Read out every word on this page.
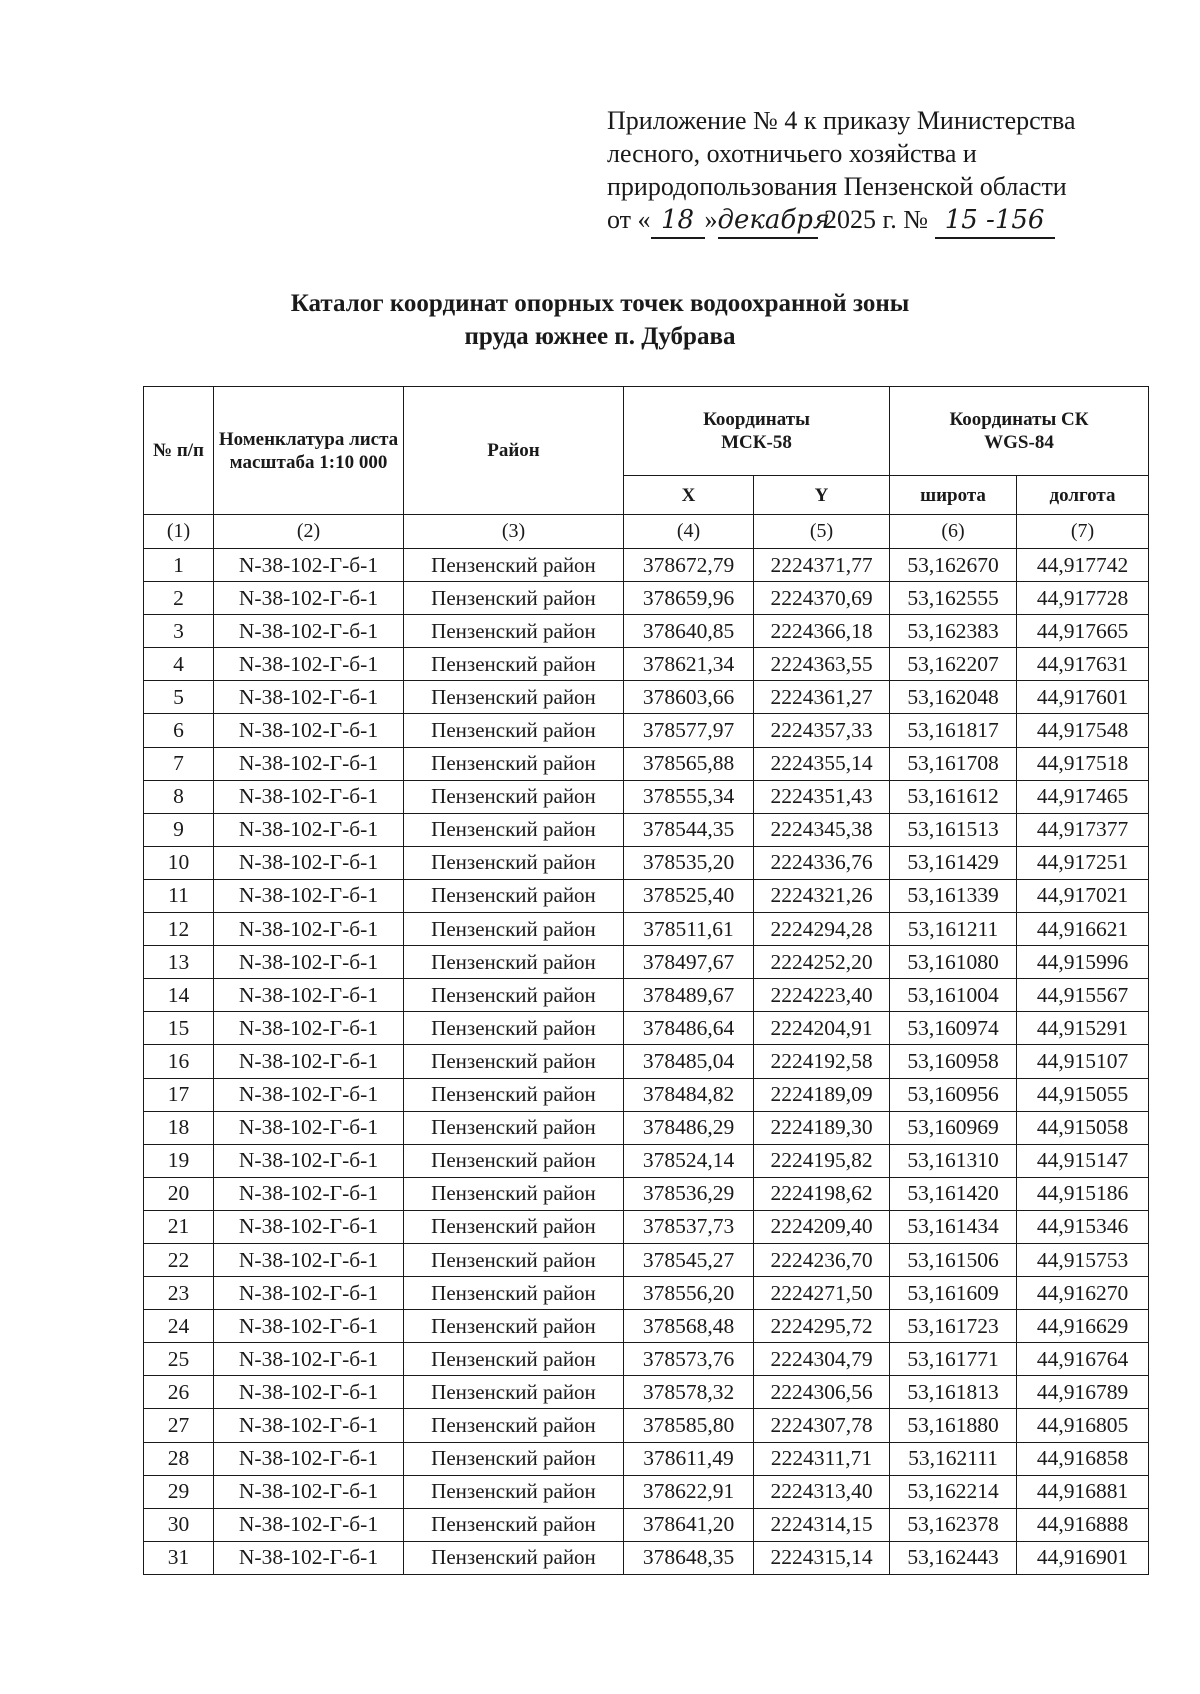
Приложение № 4 к приказу Министерства
лесного, охотничьего хозяйства и
природопользования Пензенской области
от « 18 »декабря 2025 г. № 15 -156
Каталог координат опорных точек водоохранной зоны
пруда южнее п. Дубрава
№ п/п	Номенклатура листа масштаба 1:10 000	Район	Координаты МСК-58		Координаты СК WGS-84	
			X	Y	широта	долгота
(1)	(2)	(3)	(4)	(5)	(6)	(7)
1	N-38-102-Г-б-1	Пензенский район	378672,79	2224371,77	53,162670	44,917742
2	N-38-102-Г-б-1	Пензенский район	378659,96	2224370,69	53,162555	44,917728
3	N-38-102-Г-б-1	Пензенский район	378640,85	2224366,18	53,162383	44,917665
4	N-38-102-Г-б-1	Пензенский район	378621,34	2224363,55	53,162207	44,917631
5	N-38-102-Г-б-1	Пензенский район	378603,66	2224361,27	53,162048	44,917601
6	N-38-102-Г-б-1	Пензенский район	378577,97	2224357,33	53,161817	44,917548
7	N-38-102-Г-б-1	Пензенский район	378565,88	2224355,14	53,161708	44,917518
8	N-38-102-Г-б-1	Пензенский район	378555,34	2224351,43	53,161612	44,917465
9	N-38-102-Г-б-1	Пензенский район	378544,35	2224345,38	53,161513	44,917377
10	N-38-102-Г-б-1	Пензенский район	378535,20	2224336,76	53,161429	44,917251
11	N-38-102-Г-б-1	Пензенский район	378525,40	2224321,26	53,161339	44,917021
12	N-38-102-Г-б-1	Пензенский район	378511,61	2224294,28	53,161211	44,916621
13	N-38-102-Г-б-1	Пензенский район	378497,67	2224252,20	53,161080	44,915996
14	N-38-102-Г-б-1	Пензенский район	378489,67	2224223,40	53,161004	44,915567
15	N-38-102-Г-б-1	Пензенский район	378486,64	2224204,91	53,160974	44,915291
16	N-38-102-Г-б-1	Пензенский район	378485,04	2224192,58	53,160958	44,915107
17	N-38-102-Г-б-1	Пензенский район	378484,82	2224189,09	53,160956	44,915055
18	N-38-102-Г-б-1	Пензенский район	378486,29	2224189,30	53,160969	44,915058
19	N-38-102-Г-б-1	Пензенский район	378524,14	2224195,82	53,161310	44,915147
20	N-38-102-Г-б-1	Пензенский район	378536,29	2224198,62	53,161420	44,915186
21	N-38-102-Г-б-1	Пензенский район	378537,73	2224209,40	53,161434	44,915346
22	N-38-102-Г-б-1	Пензенский район	378545,27	2224236,70	53,161506	44,915753
23	N-38-102-Г-б-1	Пензенский район	378556,20	2224271,50	53,161609	44,916270
24	N-38-102-Г-б-1	Пензенский район	378568,48	2224295,72	53,161723	44,916629
25	N-38-102-Г-б-1	Пензенский район	378573,76	2224304,79	53,161771	44,916764
26	N-38-102-Г-б-1	Пензенский район	378578,32	2224306,56	53,161813	44,916789
27	N-38-102-Г-б-1	Пензенский район	378585,80	2224307,78	53,161880	44,916805
28	N-38-102-Г-б-1	Пензенский район	378611,49	2224311,71	53,162111	44,916858
29	N-38-102-Г-б-1	Пензенский район	378622,91	2224313,40	53,162214	44,916881
30	N-38-102-Г-б-1	Пензенский район	378641,20	2224314,15	53,162378	44,916888
31	N-38-102-Г-б-1	Пензенский район	378648,35	2224315,14	53,162443	44,916901
